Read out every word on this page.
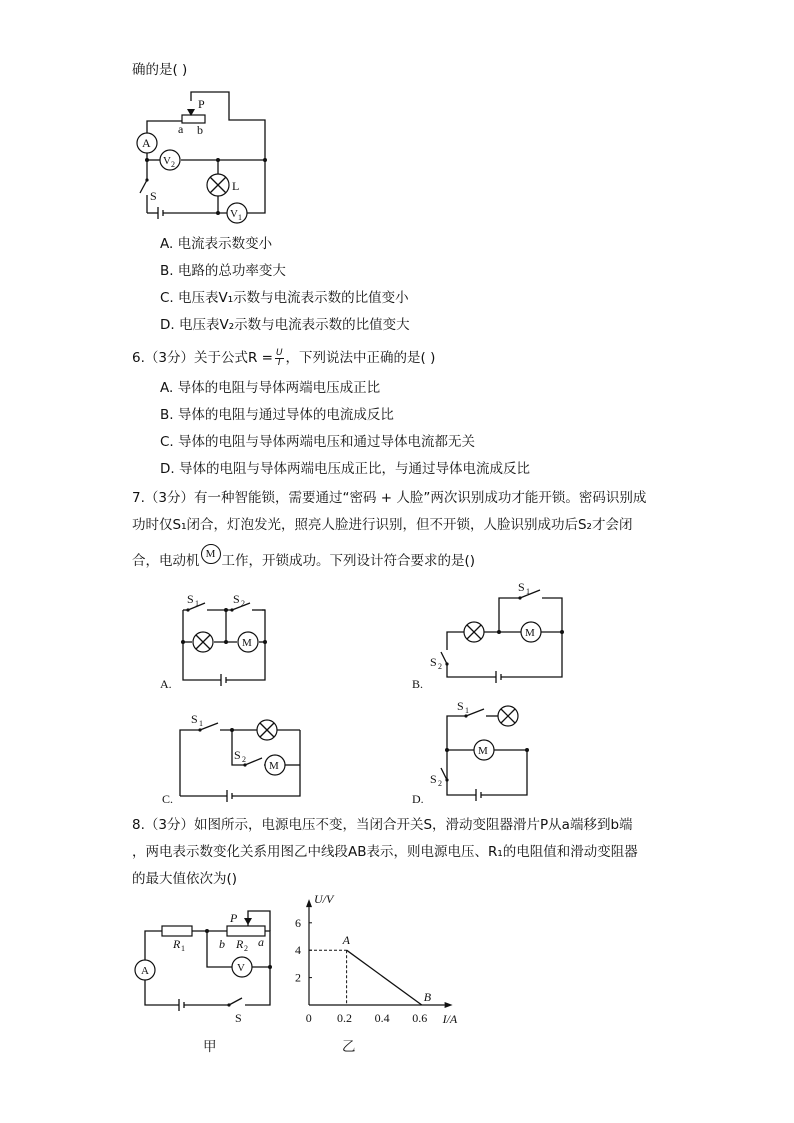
确的是( )
P
a b
A
V 2
L
S
V 1
A. 电流表示数变小
B. 电路的总功率变大
C. 电压表V₁示数与电流表示数的比值变小
D. 电压表V₂示数与电流表示数的比值变大
6.（3分）关于公式$R = \frac{U}{I}$ ，下列说法中正确的是( )
A. 导体的电阻与导体两端电压成正比
B. 导体的电阻与通过导体的电流成反比
C. 导体的电阻与导体两端电压和通过导体电流都无关
D. 导体的电阻与导体两端电压成正比，与通过导体电流成反比
7.（3分）有一种智能锁，需要通过“密码 + 人脸”两次识别成功才能开锁。密码识别成
功时仅S₁闭合，灯泡发光，照亮人脸进行识别，但不开锁，人脸识别成功后S₂才会闭
合，电动机 M 工作，开锁成功。下列设计符合要求的是()
M
S 1	S 2
M
S 1
S 2
M
S 1
S 2
M
S 1
S 2
A.	B.
C.	D.
8.（3分）如图所示，电源电压不变，当闭合开关S，滑动变阻器滑片P从a端移到b端
，两电表示数变化关系用图乙中线段AB表示，则电源电压、R₁的电阻值和滑动变阻器
的最大值依次为()
R 1
P
b R 2 a
A	V
S
甲	乙
U/V
I/A
0 0.2 0.4 0.6
2
4
6
A
B
